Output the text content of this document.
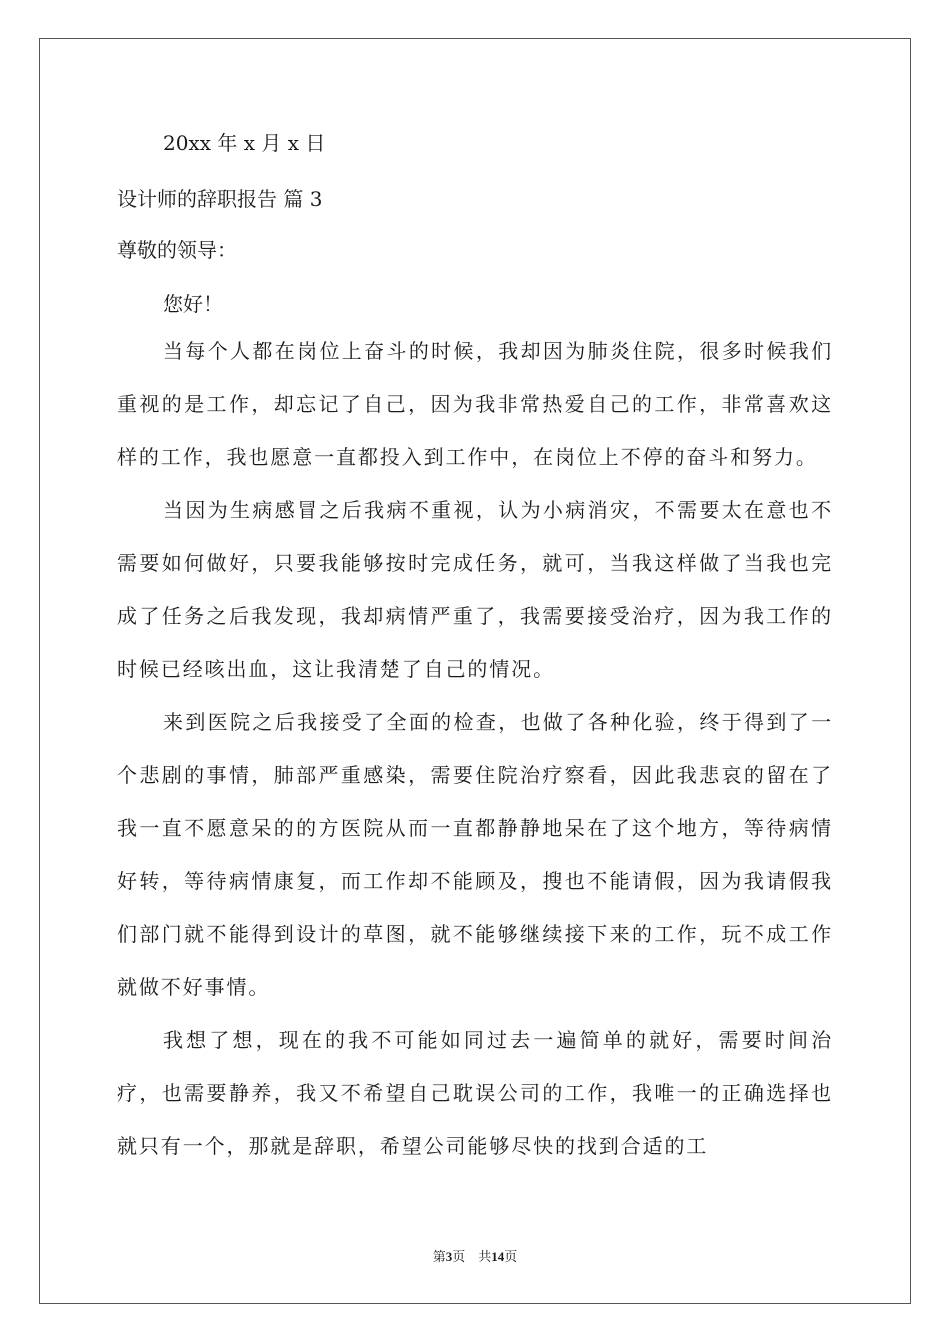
20xx 年 x 月 x 日

设计师的辞职报告 篇 3

尊敬的领导：

您好！

当每个人都在岗位上奋斗的时候，我却因为肺炎住院，很多时候我们重视的是工作，却忘记了自己，因为我非常热爱自己的工作，非常喜欢这样的工作，我也愿意一直都投入到工作中，在岗位上不停的奋斗和努力。

当因为生病感冒之后我病不重视，认为小病消灾，不需要太在意也不需要如何做好，只要我能够按时完成任务，就可，当我这样做了当我也完成了任务之后我发现，我却病情严重了，我需要接受治疗，因为我工作的时候已经咳出血，这让我清楚了自己的情况。

来到医院之后我接受了全面的检查，也做了各种化验，终于得到了一个悲剧的事情，肺部严重感染，需要住院治疗察看，因此我悲哀的留在了我一直不愿意呆的的方医院从而一直都静静地呆在了这个地方，等待病情好转，等待病情康复，而工作却不能顾及，搜也不能请假，因为我请假我们部门就不能得到设计的草图，就不能够继续接下来的工作，玩不成工作就做不好事情。

我想了想，现在的我不可能如同过去一遍简单的就好，需要时间治疗，也需要静养，我又不希望自己耽误公司的工作，我唯一的正确选择也就只有一个，那就是辞职，希望公司能够尽快的找到合适的工

第3页　共14页
